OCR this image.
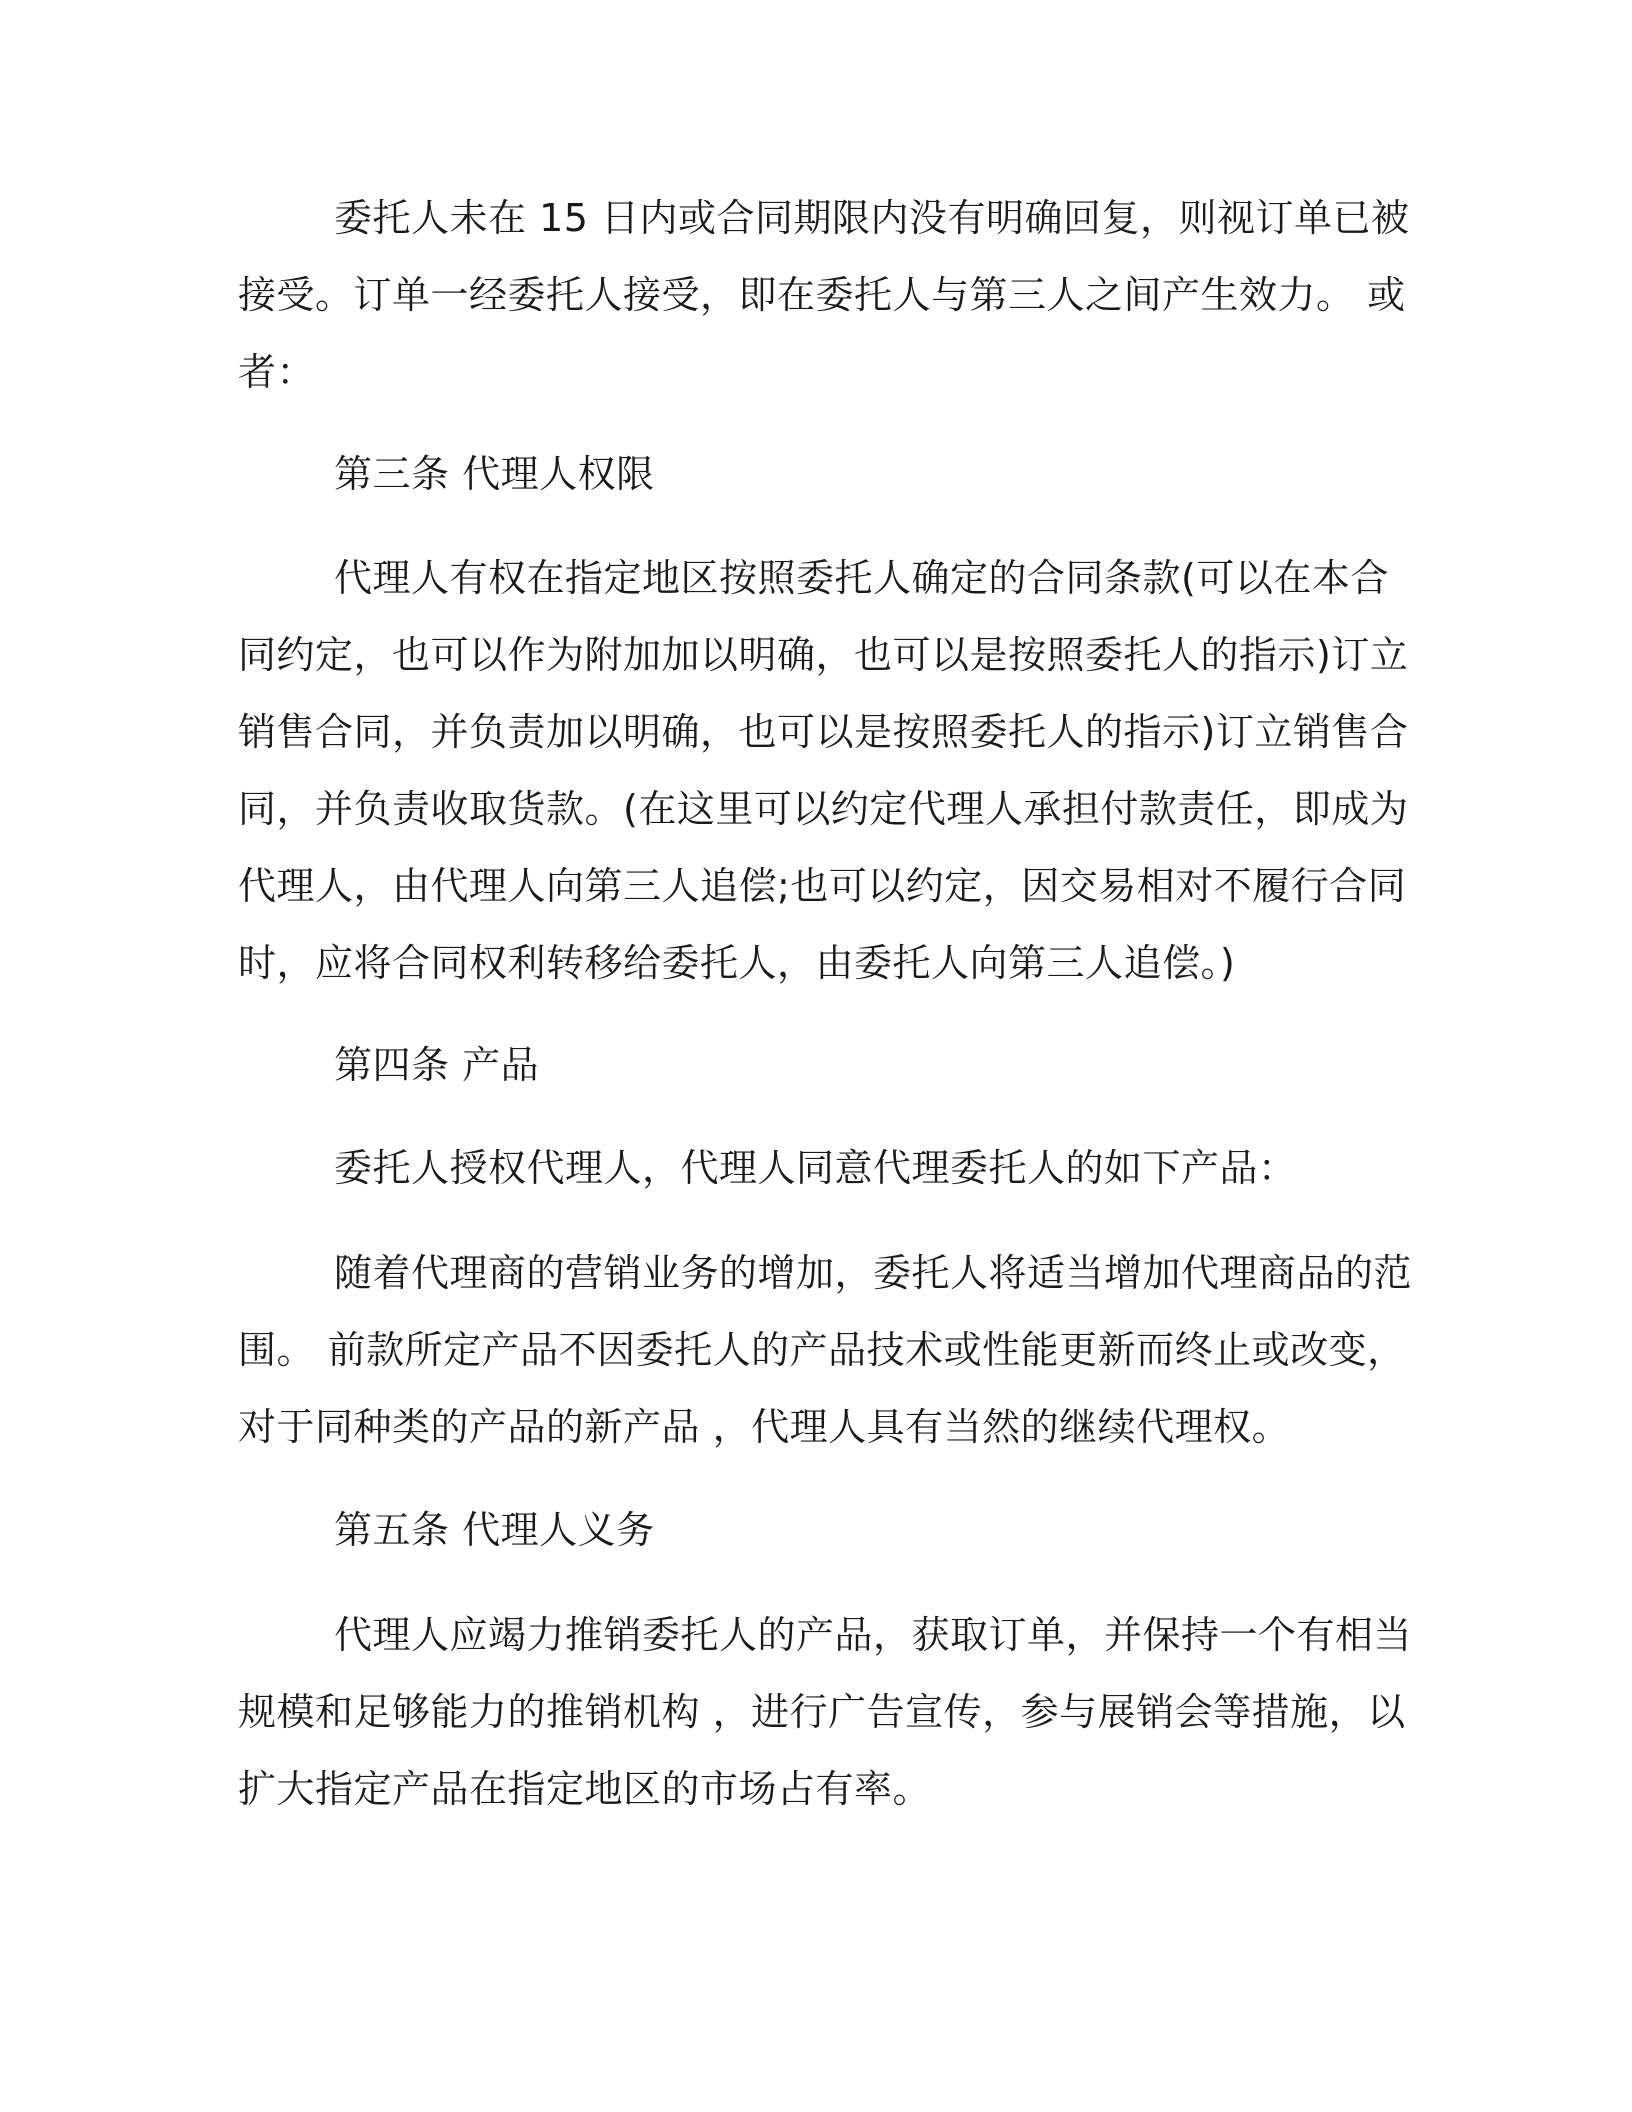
委托人未在 15 日内或合同期限内没有明确回复，则视订单已被
接受。订单一经委托人接受，即在委托人与第三人之间产生效力。 或
者：
第三条 代理人权限
代理人有权在指定地区按照委托人确定的合同条款(可以在本合
同约定，也可以作为附加加以明确，也可以是按照委托人的指示)订立
销售合同，并负责加以明确，也可以是按照委托人的指示)订立销售合
同，并负责收取货款。(在这里可以约定代理人承担付款责任，即成为
代理人，由代理人向第三人追偿;也可以约定，因交易相对不履行合同
时，应将合同权利转移给委托人，由委托人向第三人追偿。)
第四条 产品
委托人授权代理人，代理人同意代理委托人的如下产品：
随着代理商的营销业务的增加，委托人将适当增加代理商品的范
围。 前款所定产品不因委托人的产品技术或性能更新而终止或改变，
对于同种类的产品的新产品 ，代理人具有当然的继续代理权。
第五条 代理人义务
代理人应竭力推销委托人的产品，获取订单，并保持一个有相当
规模和足够能力的推销机构 ，进行广告宣传，参与展销会等措施，以
扩大指定产品在指定地区的市场占有率。
